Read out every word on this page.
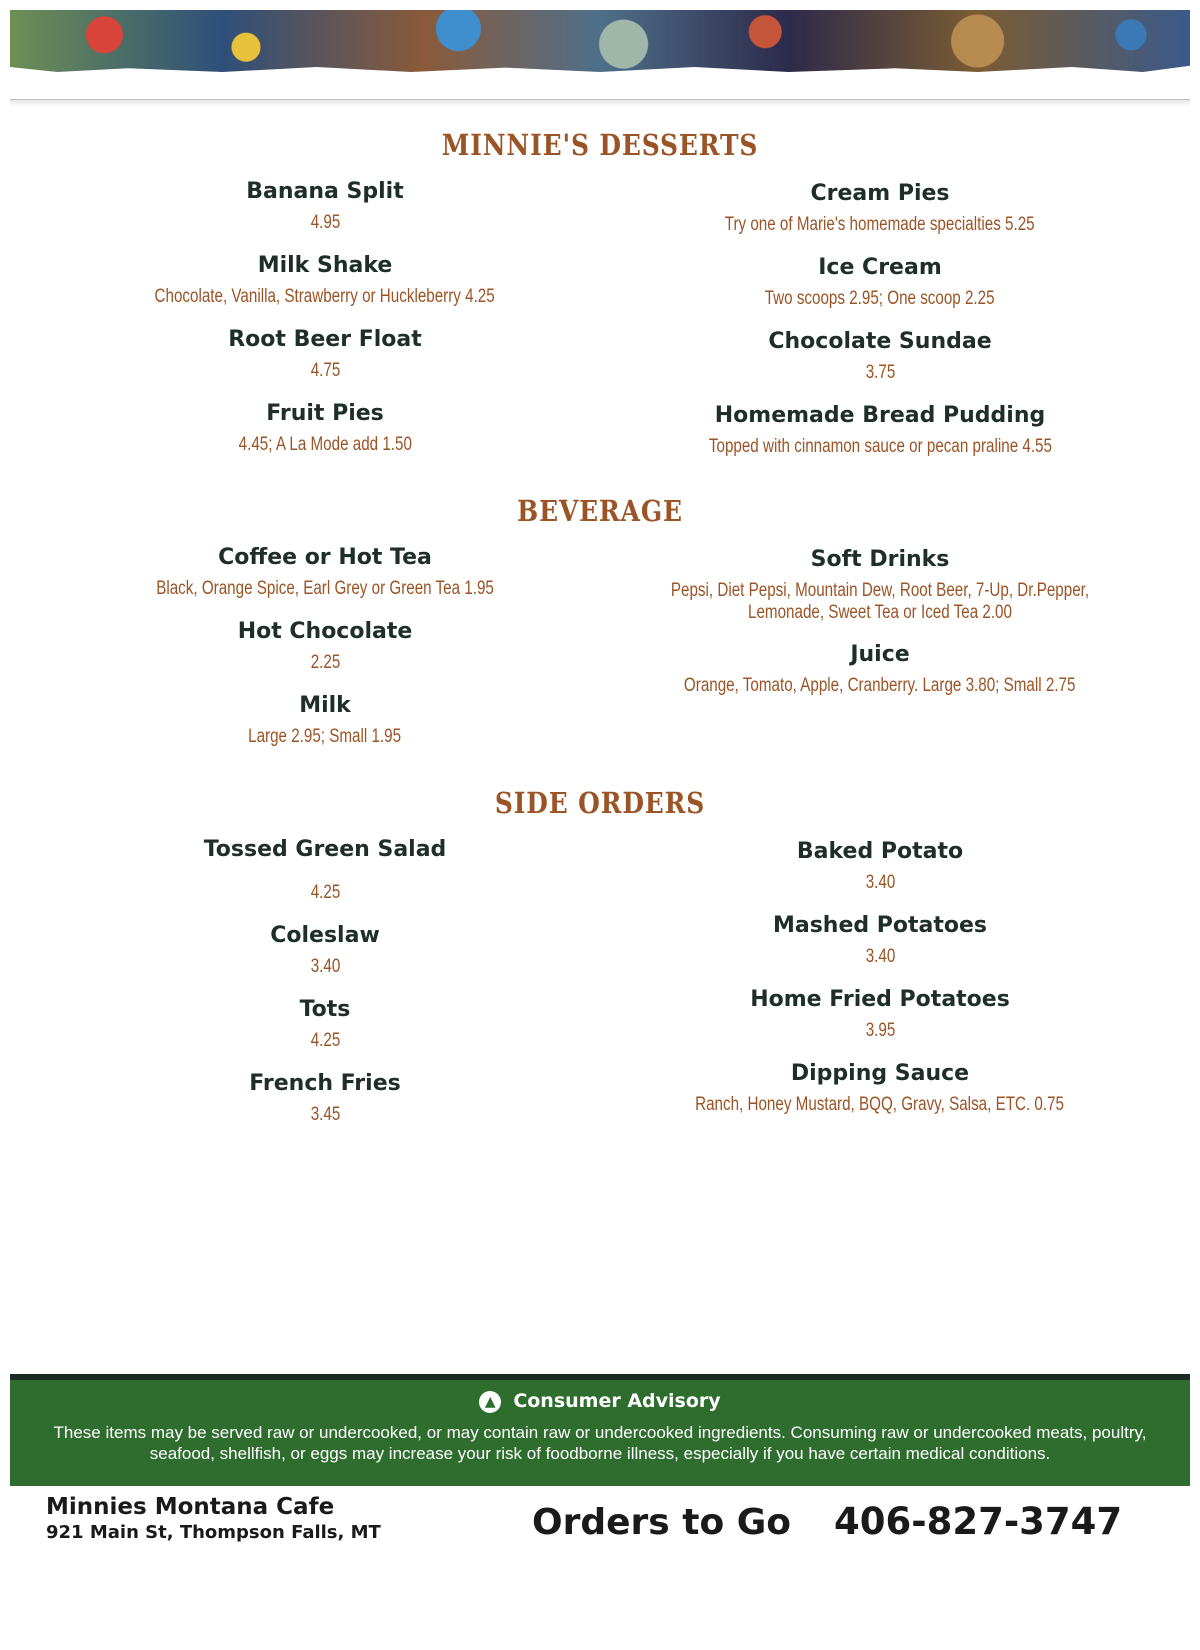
MINNIE'S DESSERTS
Banana Split
4.95
Milk Shake
Chocolate, Vanilla, Strawberry or Huckleberry 4.25
Root Beer Float
4.75
Fruit Pies
4.45; A La Mode add 1.50
Cream Pies
Try one of Marie's homemade specialties 5.25
Ice Cream
Two scoops 2.95; One scoop 2.25
Chocolate Sundae
3.75
Homemade Bread Pudding
Topped with cinnamon sauce or pecan praline 4.55
BEVERAGE
Coffee or Hot Tea
Black, Orange Spice, Earl Grey or Green Tea 1.95
Hot Chocolate
2.25
Milk
Large 2.95; Small 1.95
Soft Drinks
Pepsi, Diet Pepsi, Mountain Dew, Root Beer, 7-Up, Dr.Pepper, Lemonade, Sweet Tea or Iced Tea 2.00
Juice
Orange, Tomato, Apple, Cranberry. Large 3.80; Small 2.75
SIDE ORDERS
Tossed Green Salad
4.25
Coleslaw
3.40
Tots
4.25
French Fries
3.45
Baked Potato
3.40
Mashed Potatoes
3.40
Home Fried Potatoes
3.95
Dipping Sauce
Ranch, Honey Mustard, BQQ, Gravy, Salsa, ETC. 0.75
▲ Consumer Advisory
These items may be served raw or undercooked, or may contain raw or undercooked ingredients. Consuming raw or undercooked meats, poultry, seafood, shellfish, or eggs may increase your risk of foodborne illness, especially if you have certain medical conditions.
Minnies Montana Cafe
921 Main St, Thompson Falls, MT	Orders to Go 406-827-3747
